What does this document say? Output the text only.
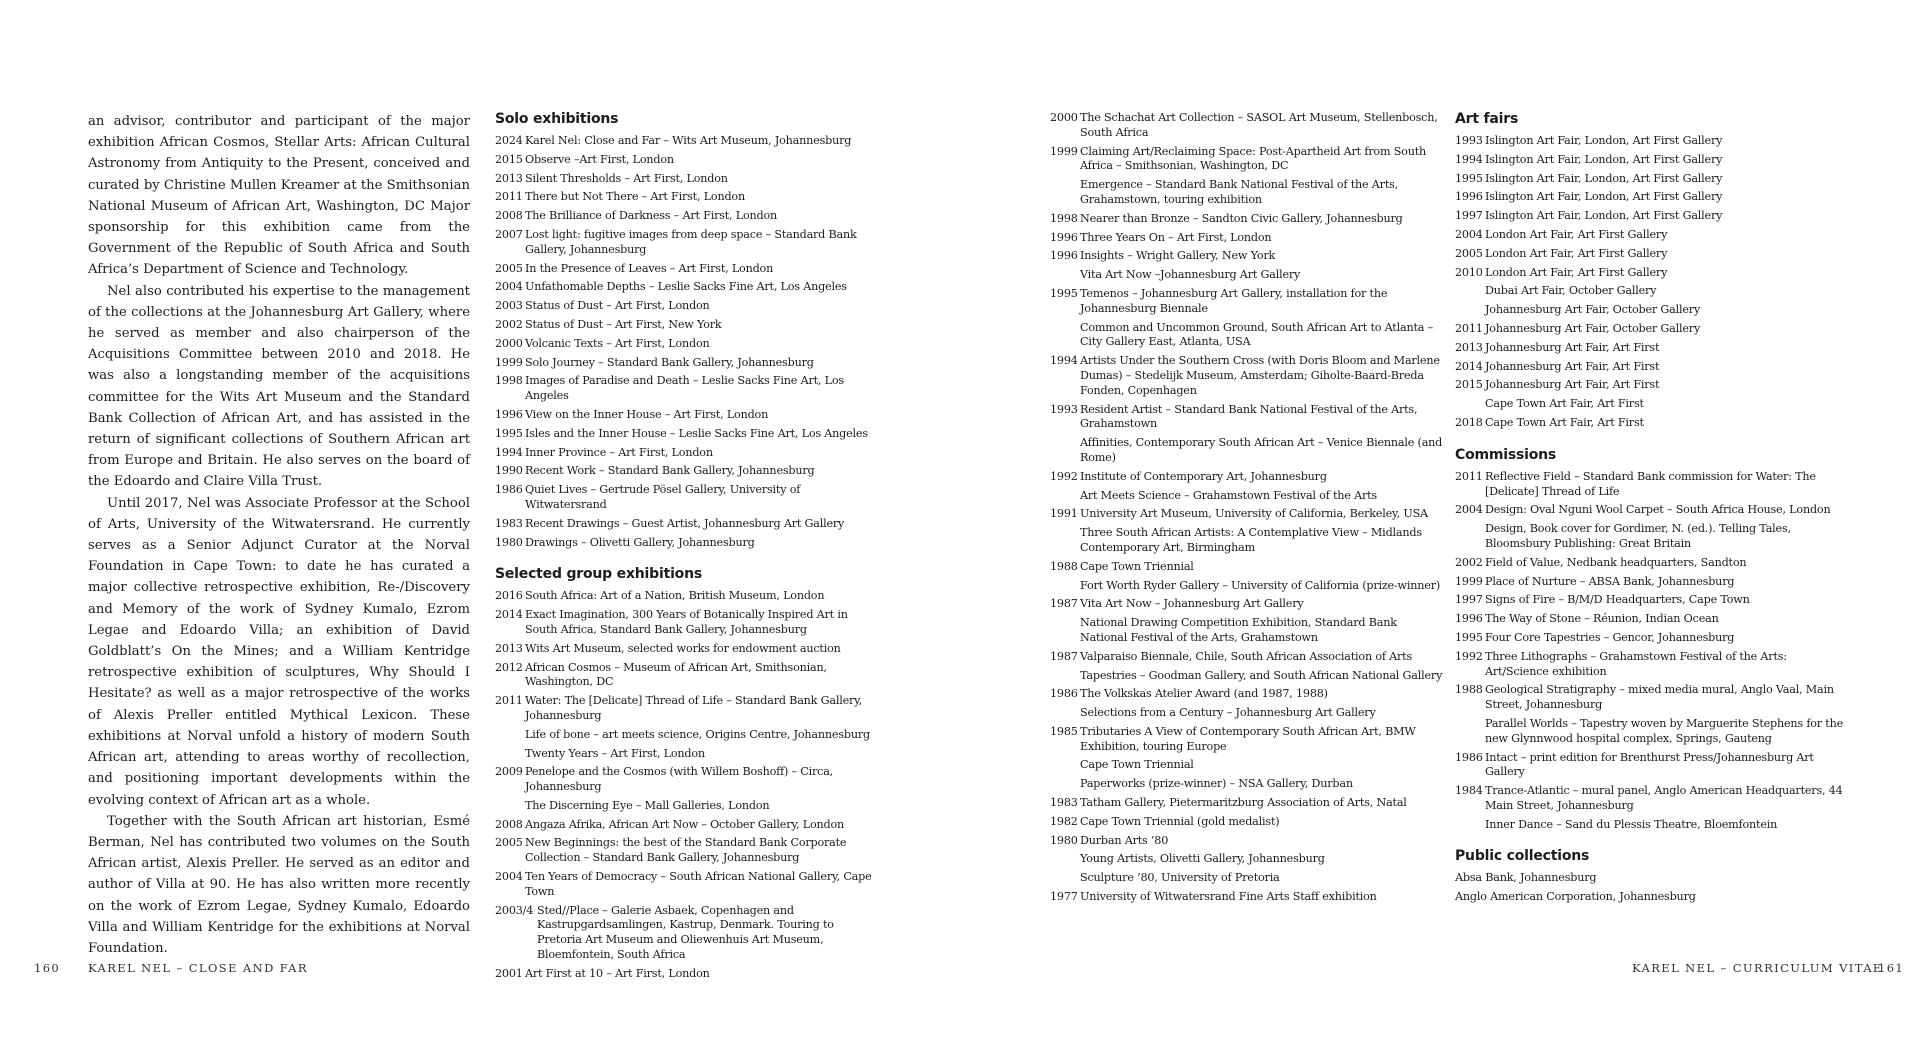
an advisor, contributor and participant of the major exhibition African Cosmos, Stellar Arts: African Cultural Astronomy from Antiquity to the Present, conceived and curated by Christine Mullen Kreamer at the Smithsonian National Museum of African Art, Washington, DC Major sponsorship for this exhibition came from the Government of the Republic of South Africa and South Africa’s Department of Science and Technology.

Nel also contributed his expertise to the management of the collections at the Johannesburg Art Gallery, where he served as member and also chairperson of the Acquisitions Committee between 2010 and 2018. He was also a longstanding member of the acquisitions committee for the Wits Art Museum and the Standard Bank Collection of African Art, and has assisted in the return of significant collections of Southern African art from Europe and Britain. He also serves on the board of the Edoardo and Claire Villa Trust.

Until 2017, Nel was Associate Professor at the School of Arts, University of the Witwatersrand. He currently serves as a Senior Adjunct Curator at the Norval Foundation in Cape Town: to date he has curated a major collective retrospective exhibition, Re-/Discovery and Memory of the work of Sydney Kumalo, Ezrom Legae and Edoardo Villa; an exhibition of David Goldblatt’s On the Mines; and a William Kentridge retrospective exhibition of sculptures, Why Should I Hesitate? as well as a major retrospective of the works of Alexis Preller entitled Mythical Lexicon. These exhibitions at Norval unfold a history of modern South African art, attending to areas worthy of recollection, and positioning important developments within the evolving context of African art as a whole.

Together with the South African art historian, Esmé Berman, Nel has contributed two volumes on the South African artist, Alexis Preller. He served as an editor and author of Villa at 90. He has also written more recently on the work of Ezrom Legae, Sydney Kumalo, Edoardo Villa and William Kentridge for the exhibitions at Norval Foundation.

Solo exhibitions
2024 Karel Nel: Close and Far – Wits Art Museum, Johannesburg
2015 Observe –Art First, London
2013 Silent Thresholds – Art First, London
2011 There but Not There – Art First, London
2008 The Brilliance of Darkness – Art First, London
2007 Lost light: fugitive images from deep space – Standard Bank Gallery, Johannesburg
2005 In the Presence of Leaves – Art First, London
2004 Unfathomable Depths – Leslie Sacks Fine Art, Los Angeles
2003 Status of Dust – Art First, London
2002 Status of Dust – Art First, New York
2000 Volcanic Texts – Art First, London
1999 Solo Journey – Standard Bank Gallery, Johannesburg
1998 Images of Paradise and Death – Leslie Sacks Fine Art, Los Angeles
1996 View on the Inner House – Art First, London
1995 Isles and the Inner House – Leslie Sacks Fine Art, Los Angeles
1994 Inner Province – Art First, London
1990 Recent Work – Standard Bank Gallery, Johannesburg
1986 Quiet Lives – Gertrude Pösel Gallery, University of Witwatersrand
1983 Recent Drawings – Guest Artist, Johannesburg Art Gallery
1980 Drawings – Olivetti Gallery, Johannesburg
Selected group exhibitions
2016 South Africa: Art of a Nation, British Museum, London
2014 Exact Imagination, 300 Years of Botanically Inspired Art in South Africa, Standard Bank Gallery, Johannesburg
2013 Wits Art Museum, selected works for endowment auction
2012 African Cosmos – Museum of African Art, Smithsonian, Washington, DC
2011 Water: The [Delicate] Thread of Life – Standard Bank Gallery, Johannesburg
Life of bone – art meets science, Origins Centre, Johannesburg
Twenty Years – Art First, London
2009 Penelope and the Cosmos (with Willem Boshoff) – Circa, Johannesburg
The Discerning Eye – Mall Galleries, London
2008 Angaza Afrika, African Art Now – October Gallery, London
2005 New Beginnings: the best of the Standard Bank Corporate Collection – Standard Bank Gallery, Johannesburg
2004 Ten Years of Democracy – South African National Gallery, Cape Town
2003/4 Sted//Place – Galerie Asbaek, Copenhagen and Kastrupgardsamlingen, Kastrup, Denmark. Touring to Pretoria Art Museum and Oliewenhuis Art Museum, Bloemfontein, South Africa
2001 Art First at 10 – Art First, London
2000 The Schachat Art Collection – SASOL Art Museum, Stellenbosch, South Africa
1999 Claiming Art/Reclaiming Space: Post-Apartheid Art from South Africa – Smithsonian, Washington, DC
Emergence – Standard Bank National Festival of the Arts, Grahamstown, touring exhibition
1998 Nearer than Bronze – Sandton Civic Gallery, Johannesburg
1996 Three Years On – Art First, London
1996 Insights – Wright Gallery, New York
Vita Art Now –Johannesburg Art Gallery
1995 Temenos – Johannesburg Art Gallery, installation for the Johannesburg Biennale
Common and Uncommon Ground, South African Art to Atlanta – City Gallery East, Atlanta, USA
1994 Artists Under the Southern Cross (with Doris Bloom and Marlene Dumas) – Stedelijk Museum, Amsterdam; Giholte-Baard-Breda Fonden, Copenhagen
1993 Resident Artist – Standard Bank National Festival of the Arts, Grahamstown
Affinities, Contemporary South African Art – Venice Biennale (and Rome)
1992 Institute of Contemporary Art, Johannesburg
Art Meets Science – Grahamstown Festival of the Arts
1991 University Art Museum, University of California, Berkeley, USA
Three South African Artists: A Contemplative View – Midlands Contemporary Art, Birmingham
1988 Cape Town Triennial
Fort Worth Ryder Gallery – University of California (prize-winner)
1987 Vita Art Now – Johannesburg Art Gallery
National Drawing Competition Exhibition, Standard Bank National Festival of the Arts, Grahamstown
1987 Valparaiso Biennale, Chile, South African Association of Arts
Tapestries – Goodman Gallery, and South African National Gallery
1986 The Volkskas Atelier Award (and 1987, 1988)
Selections from a Century – Johannesburg Art Gallery
1985 Tributaries A View of Contemporary South African Art, BMW Exhibition, touring Europe
Cape Town Triennial
Paperworks (prize-winner) – NSA Gallery, Durban
1983 Tatham Gallery, Pietermaritzburg Association of Arts, Natal
1982 Cape Town Triennial (gold medalist)
1980 Durban Arts ’80
Young Artists, Olivetti Gallery, Johannesburg
Sculpture ’80, University of Pretoria
1977 University of Witwatersrand Fine Arts Staff exhibition
Art fairs
1993 Islington Art Fair, London, Art First Gallery
1994 Islington Art Fair, London, Art First Gallery
1995 Islington Art Fair, London, Art First Gallery
1996 Islington Art Fair, London, Art First Gallery
1997 Islington Art Fair, London, Art First Gallery
2004 London Art Fair, Art First Gallery
2005 London Art Fair, Art First Gallery
2010 London Art Fair, Art First Gallery
Dubai Art Fair, October Gallery
Johannesburg Art Fair, October Gallery
2011 Johannesburg Art Fair, October Gallery
2013 Johannesburg Art Fair, Art First
2014 Johannesburg Art Fair, Art First
2015 Johannesburg Art Fair, Art First
Cape Town Art Fair, Art First
2018 Cape Town Art Fair, Art First
Commissions
2011 Reflective Field – Standard Bank commission for Water: The [Delicate] Thread of Life
2004 Design: Oval Nguni Wool Carpet – South Africa House, London
Design, Book cover for Gordimer, N. (ed.). Telling Tales, Bloomsbury Publishing: Great Britain
2002 Field of Value, Nedbank headquarters, Sandton
1999 Place of Nurture – ABSA Bank, Johannesburg
1997 Signs of Fire – B/M/D Headquarters, Cape Town
1996 The Way of Stone – Réunion, Indian Ocean
1995 Four Core Tapestries – Gencor, Johannesburg
1992 Three Lithographs – Grahamstown Festival of the Arts: Art/Science exhibition
1988 Geological Stratigraphy – mixed media mural, Anglo Vaal, Main Street, Johannesburg
Parallel Worlds – Tapestry woven by Marguerite Stephens for the new Glynnwood hospital complex, Springs, Gauteng
1986 Intact – print edition for Brenthurst Press/Johannesburg Art Gallery
1984 Trance-Atlantic – mural panel, Anglo American Headquarters, 44 Main Street, Johannesburg
Inner Dance – Sand du Plessis Theatre, Bloemfontein
Public collections
Absa Bank, Johannesburg
Anglo American Corporation, Johannesburg
160 KAREL NEL – CLOSE AND FAR	KAREL NEL – CURRICULUM VITAE
161
